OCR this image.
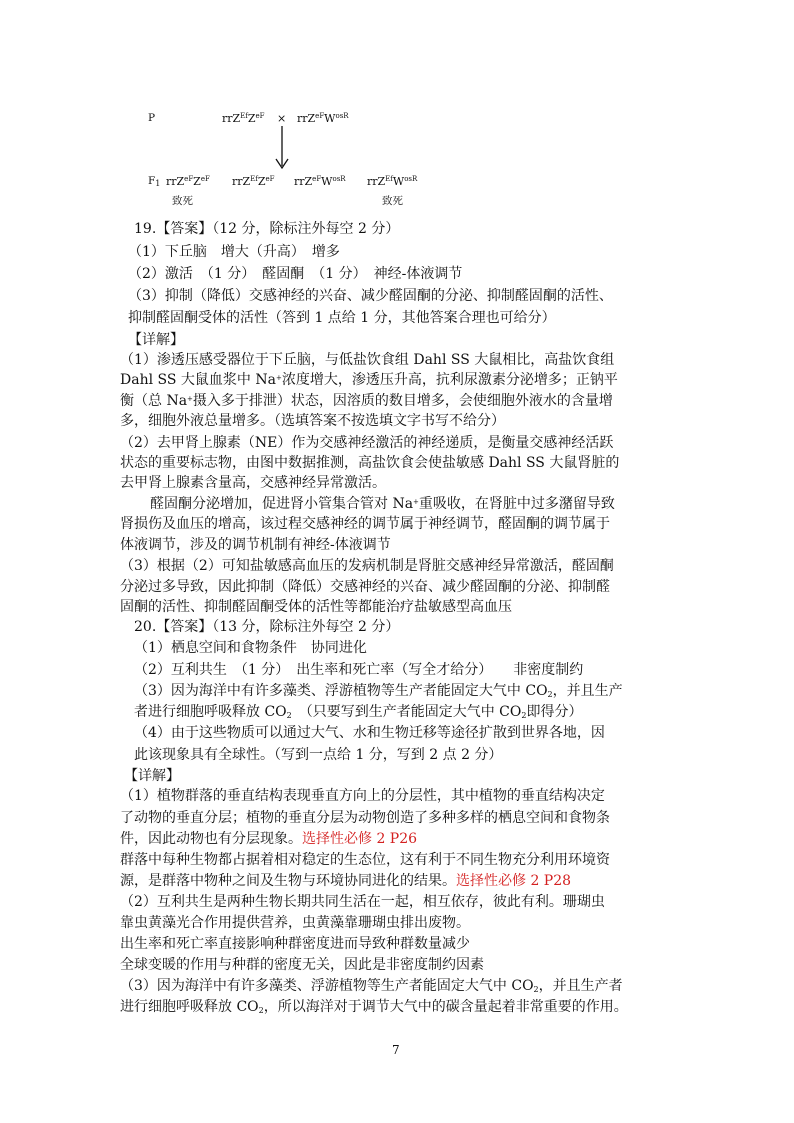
P	$rrZ^{Ef}Z^{eF} \times rrZ^{eF}W^{osR}$
$F_1$ $rrZ^{eF}Z^{eF}$ $rrZ^{Ef}Z^{eF}$ $rrZ^{eF}W^{osR}$ $rrZ^{Ef}W^{osR}$
致死	致死
19.【答案】（12 分，除标注外每空 2 分）
（1）下丘脑　增大（升高）　增多
（2）激活　（1 分）　醛固酮　（1 分）　神经-体液调节
（3）抑制（降低）交感神经的兴奋、减少醛固酮的分泌、抑制醛固酮的活性、
抑制醛固酮受体的活性（答到 1 点给 1 分，其他答案合理也可给分）
【详解】
（1）渗透压感受器位于下丘脑，与低盐饮食组 Dahl SS 大鼠相比，高盐饮食组
Dahl SS 大鼠血浆中 Na+浓度增大，渗透压升高，抗利尿激素分泌增多；正钠平
衡（总 Na+摄入多于排泄）状态，因溶质的数目增多，会使细胞外液水的含量增
多，细胞外液总量增多。（选填答案不按选填文字书写不给分）
（2）去甲肾上腺素（NE）作为交感神经激活的神经递质，是衡量交感神经活跃
状态的重要标志物，由图中数据推测，高盐饮食会使盐敏感 Dahl SS 大鼠肾脏的
去甲肾上腺素含量高，交感神经异常激活。
醛固酮分泌增加，促进肾小管集合管对 Na+重吸收，在肾脏中过多潴留导致
肾损伤及血压的增高，该过程交感神经的调节属于神经调节，醛固酮的调节属于
体液调节，涉及的调节机制有神经-体液调节
（3）根据（2）可知盐敏感高血压的发病机制是肾脏交感神经异常激活，醛固酮
分泌过多导致，因此抑制（降低）交感神经的兴奋、减少醛固酮的分泌、抑制醛
固酮的活性、抑制醛固酮受体的活性等都能治疗盐敏感型高血压
20.【答案】（13 分，除标注外每空 2 分）
（1）栖息空间和食物条件　协同进化
（2）互利共生　（1 分）　出生率和死亡率（写全才给分）　　非密度制约
（3）因为海洋中有许多藻类、浮游植物等生产者能固定大气中 $CO_2$，并且生产
者进行细胞呼吸释放 $CO_2$　（只要写到生产者能固定大气中 $CO_2$即得分）
（4）由于这些物质可以通过大气、水和生物迁移等途径扩散到世界各地，因
此该现象具有全球性。（写到一点给 1 分，写到 2 点 2 分）
【详解】
（1）植物群落的垂直结构表现垂直方向上的分层性，其中植物的垂直结构决定
了动物的垂直分层；植物的垂直分层为动物创造了多种多样的栖息空间和食物条
件，因此动物也有分层现象。选择性必修 2 P26
群落中每种生物都占据着相对稳定的生态位，这有利于不同生物充分利用环境资
源，是群落中物种之间及生物与环境协同进化的结果。选择性必修 2 P28
（2）互利共生是两种生物长期共同生活在一起，相互依存，彼此有利。珊瑚虫
靠虫黄藻光合作用提供营养，虫黄藻靠珊瑚虫排出废物。
出生率和死亡率直接影响种群密度进而导致种群数量减少
全球变暖的作用与种群的密度无关，因此是非密度制约因素
（3）因为海洋中有许多藻类、浮游植物等生产者能固定大气中 $CO_2$，并且生产者
进行细胞呼吸释放 $CO_2$，所以海洋对于调节大气中的碳含量起着非常重要的作用。
7
